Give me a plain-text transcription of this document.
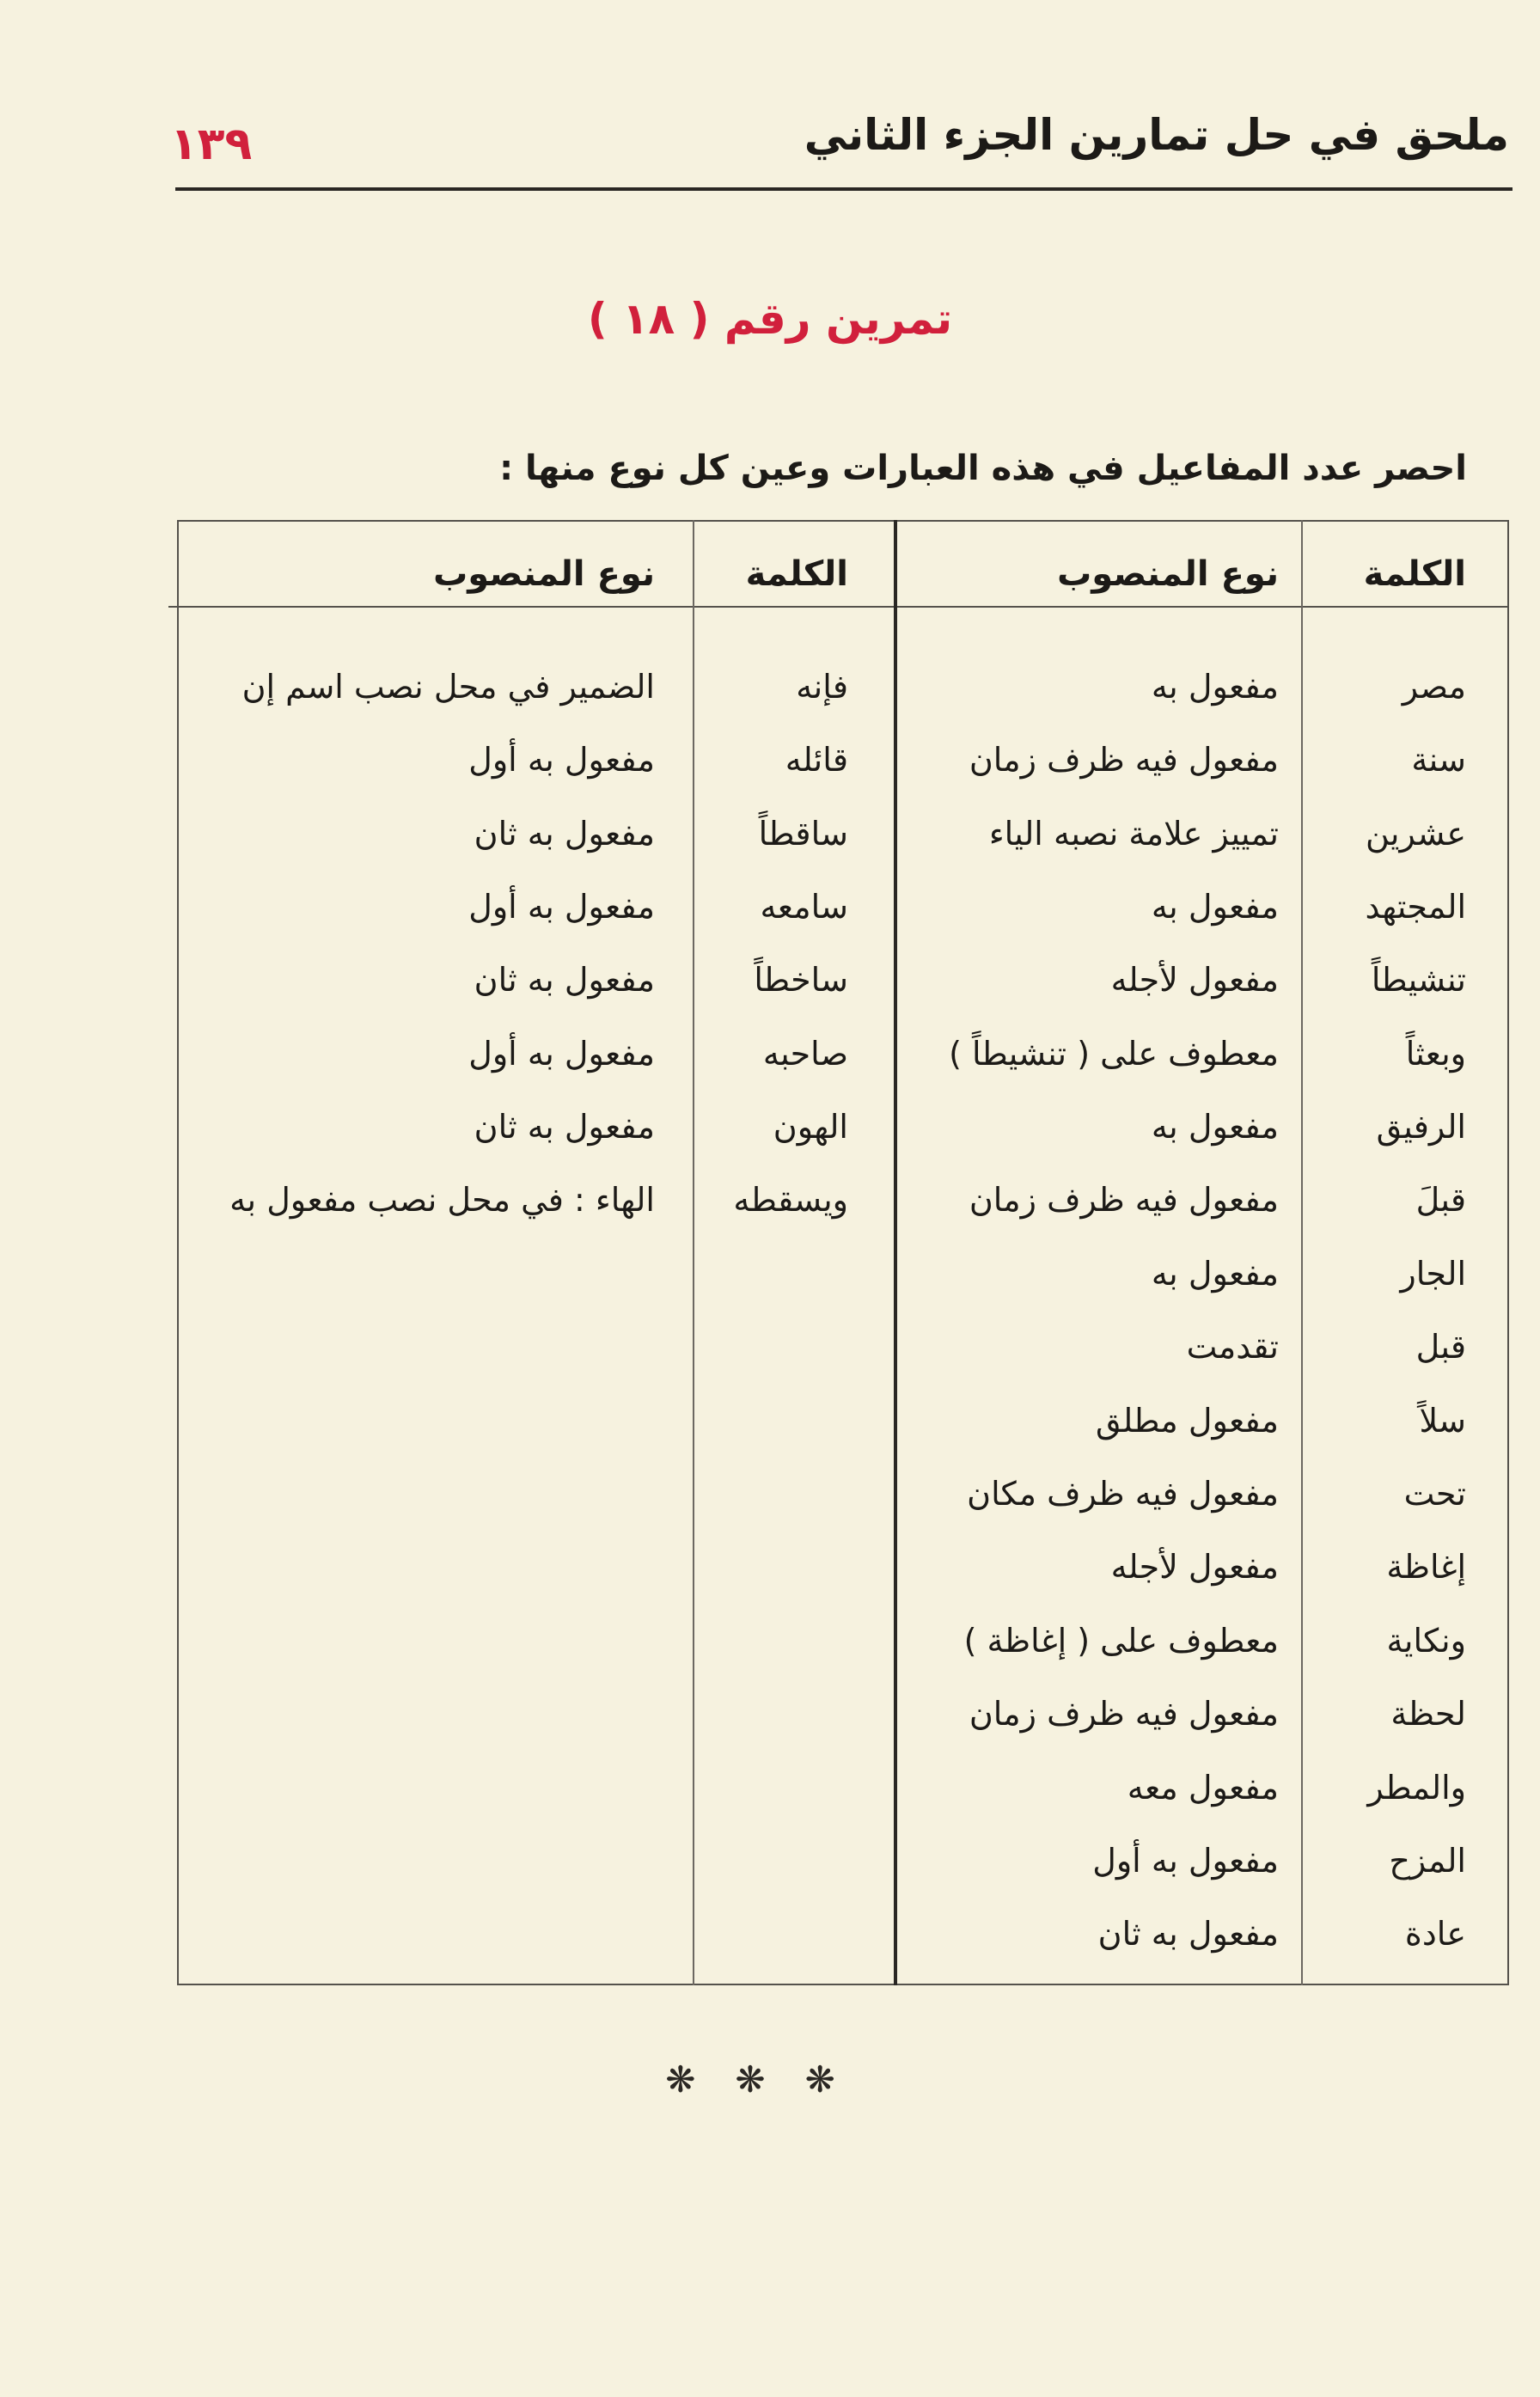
ملحق في حل تمارين الجزء الثاني
١٣٩
تمرين رقم ( ١٨ )
احصر عدد المفاعيل في هذه العبارات وعين كل نوع منها :
الكلمة
نوع المنصوب
الكلمة
نوع المنصوب
مصر
مفعول به
سنة
مفعول فيه ظرف زمان
عشرين
تمييز علامة نصبه الياء
المجتهد
مفعول به
تنشيطاً
مفعول لأجله
وبعثاً
معطوف على ( تنشيطاً )
الرفيق
مفعول به
قبلَ
مفعول فيه ظرف زمان
الجار
مفعول به
قبل
تقدمت
سلاً
مفعول مطلق
تحت
مفعول فيه ظرف مكان
إغاظة
مفعول لأجله
ونكاية
معطوف على ( إغاظة )
لحظة
مفعول فيه ظرف زمان
والمطر
مفعول معه
المزح
مفعول به أول
عادة
مفعول به ثان
فإنه
الضمير في محل نصب اسم إن
قائله
مفعول به أول
ساقطاً
مفعول به ثان
سامعه
مفعول به أول
ساخطاً
مفعول به ثان
صاحبه
مفعول به أول
الهون
مفعول به ثان
ويسقطه
الهاء : في محل نصب مفعول به
❋❋❋
